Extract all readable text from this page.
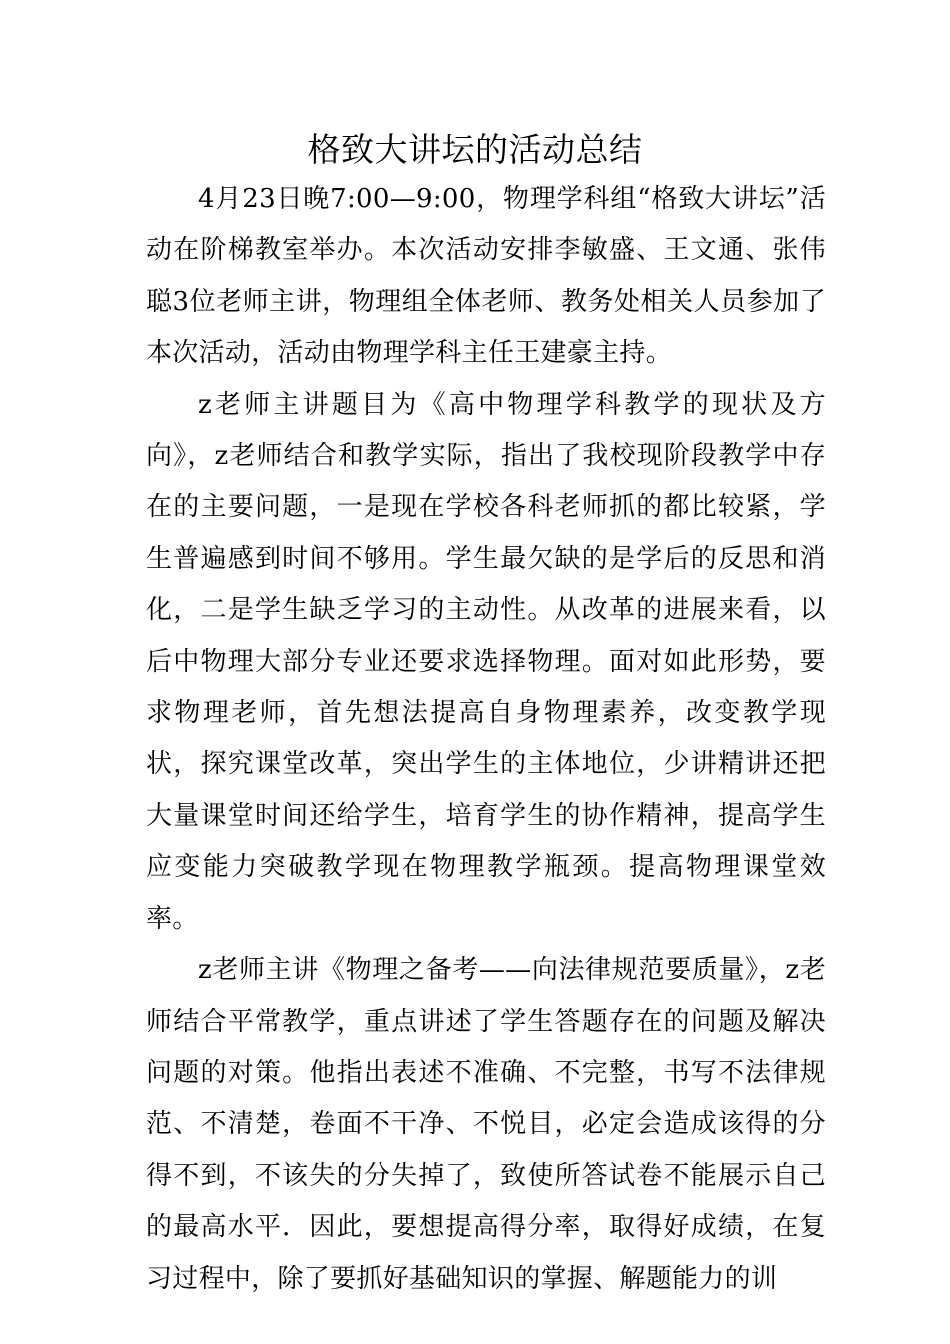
格致大讲坛的活动总结

4月23日晚7:00—9:00，物理学科组“格致大讲坛”活动在阶梯教室举办。本次活动安排李敏盛、王文通、张伟聪3位老师主讲，物理组全体老师、教务处相关人员参加了本次活动，活动由物理学科主任王建豪主持。

z老师主讲题目为《高中物理学科教学的现状及方向》，z老师结合和教学实际，指出了我校现阶段教学中存在的主要问题，一是现在学校各科老师抓的都比较紧，学生普遍感到时间不够用。学生最欠缺的是学后的反思和消化，二是学生缺乏学习的主动性。从改革的进展来看，以后中物理大部分专业还要求选择物理。面对如此形势，要求物理老师，首先想法提高自身物理素养，改变教学现状，探究课堂改革，突出学生的主体地位，少讲精讲还把大量课堂时间还给学生，培育学生的协作精神，提高学生应变能力突破教学现在物理教学瓶颈。提高物理课堂效率。

z老师主讲《物理之备考——向法律规范要质量》，z老师结合平常教学，重点讲述了学生答题存在的问题及解决问题的对策。他指出表述不准确、不完整，书写不法律规范、不清楚，卷面不干净、不悦目，必定会造成该得的分得不到，不该失的分失掉了，致使所答试卷不能展示自己的最高水平．因此，要想提高得分率，取得好成绩，在复习过程中，除了要抓好基础知识的掌握、解题能力的训
